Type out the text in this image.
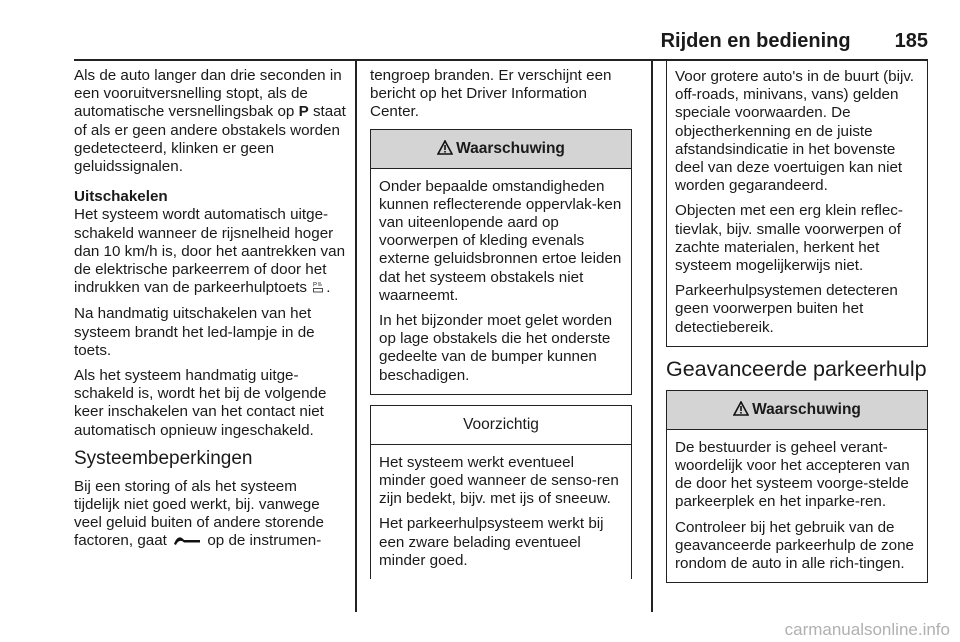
Rijden en bediening 185

Als de auto langer dan drie seconden in een vooruitversnelling stopt, als de automatische versnellingsbak op P staat of als er geen andere obstakels worden gedetecteerd, klinken er geen geluidssignalen.

Uitschakelen

Het systeem wordt automatisch uitge-schakeld wanneer de rijsnelheid hoger dan 10 km/h is, door het aantrekken van de elektrische parkeerrem of door het indrukken van de parkeerhulptoets P .

Na handmatig uitschakelen van het systeem brandt het led-lampje in de toets.

Als het systeem handmatig uitge-schakeld is, wordt het bij de volgende keer inschakelen van het contact niet automatisch opnieuw ingeschakeld.

Systeembeperkingen

Bij een storing of als het systeem tijdelijk niet goed werkt, bij. vanwege veel geluid buiten of andere storende factoren, gaat  op de instrumen-

tengroep branden. Er verschijnt een bericht op het Driver Information Center.

Waarschuwing

Onder bepaalde omstandigheden kunnen reflecterende oppervlak-ken van uiteenlopende aard op voorwerpen of kleding evenals externe geluidsbronnen ertoe leiden dat het systeem obstakels niet waarneemt.

In het bijzonder moet gelet worden op lage obstakels die het onderste gedeelte van de bumper kunnen beschadigen.

Voorzichtig

Het systeem werkt eventueel minder goed wanneer de senso-ren zijn bedekt, bijv. met ijs of sneeuw.

Het parkeerhulpsysteem werkt bij een zware belading eventueel minder goed.

Voor grotere auto's in de buurt (bijv. off-roads, minivans, vans) gelden speciale voorwaarden. De objectherkenning en de juiste afstandsindicatie in het bovenste deel van deze voertuigen kan niet worden gegarandeerd.

Objecten met een erg klein reflec-tievlak, bijv. smalle voorwerpen of zachte materialen, herkent het systeem mogelijkerwijs niet.

Parkeerhulpsystemen detecteren geen voorwerpen buiten het detectiebereik.

Geavanceerde parkeerhulp

Waarschuwing

De bestuurder is geheel verant-woordelijk voor het accepteren van de door het systeem voorge-stelde parkeerplek en het inparke-ren.

Controleer bij het gebruik van de geavanceerde parkeerhulp de zone rondom de auto in alle rich-tingen.

carmanualsonline.info
